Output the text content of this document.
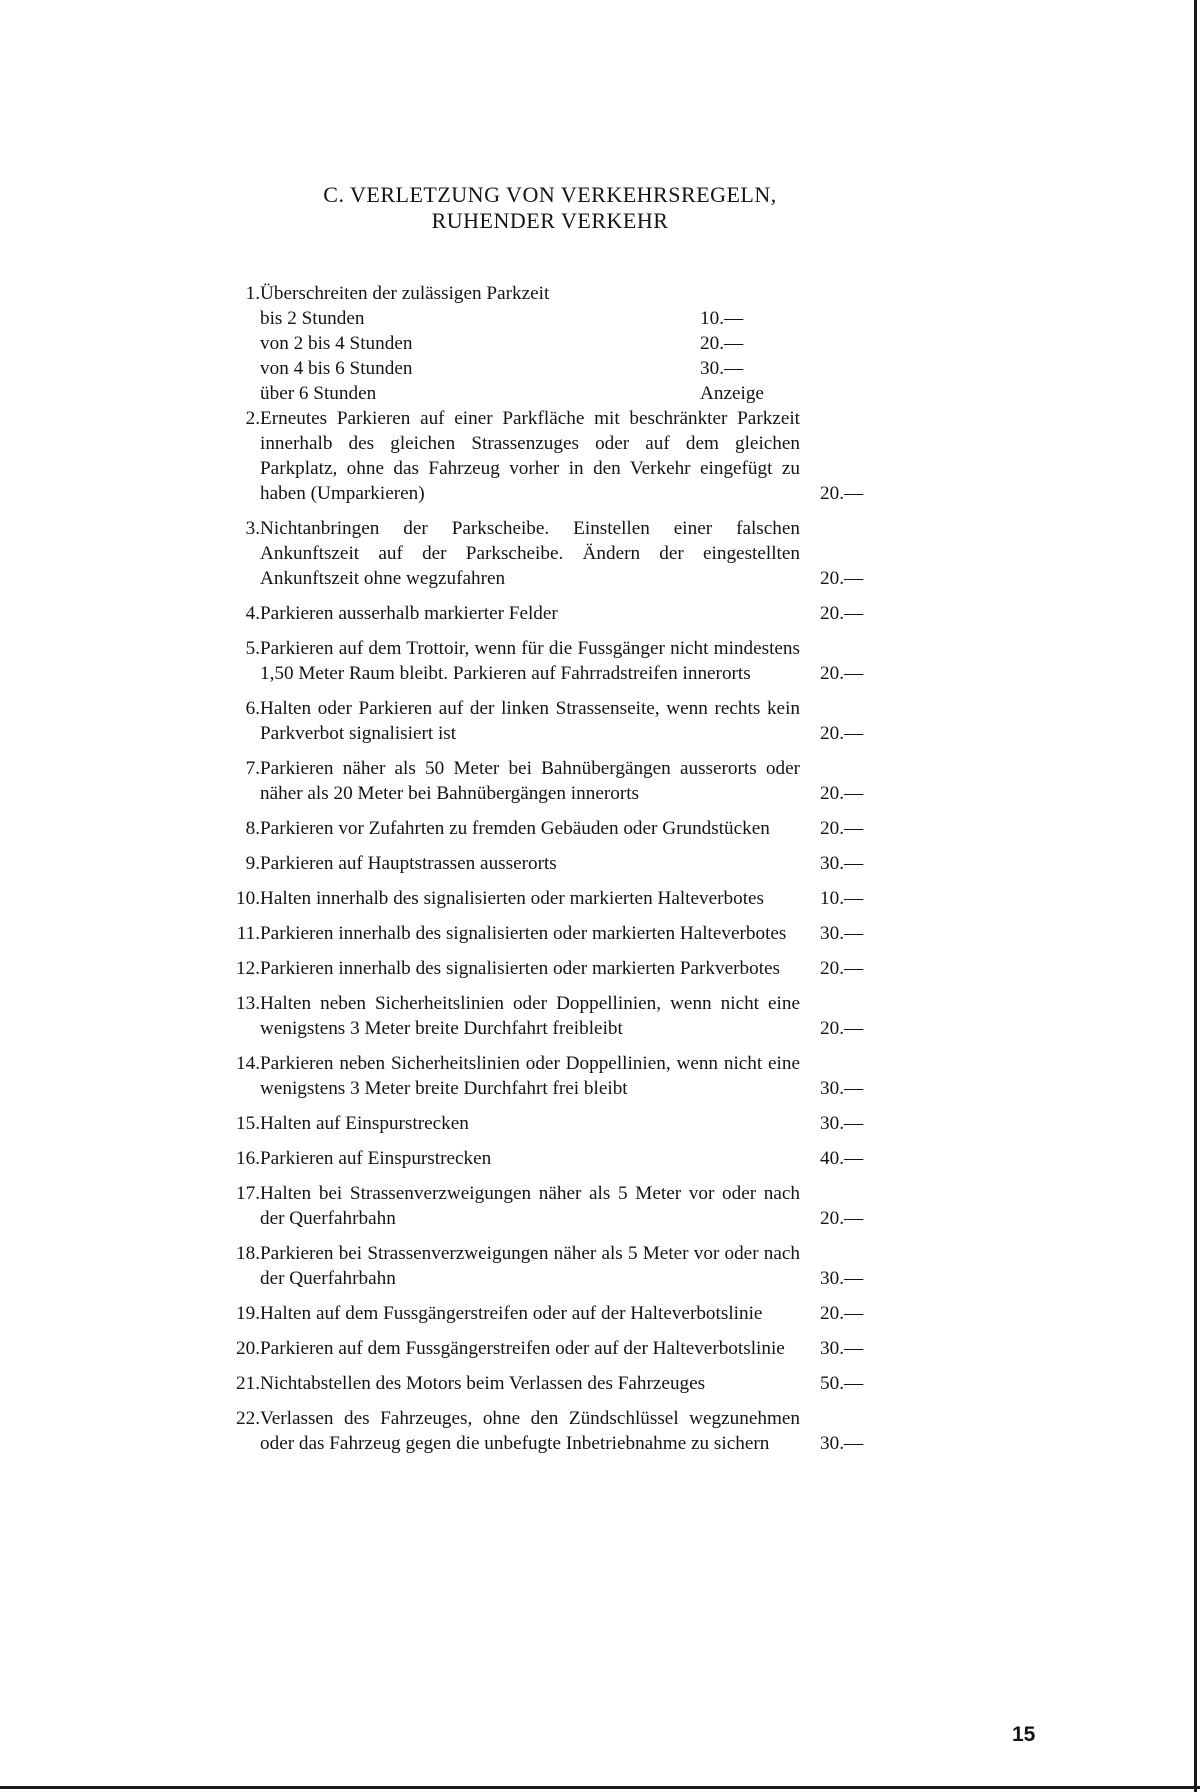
C. VERLETZUNG VON VERKEHRSREGELN,
RUHENDER VERKEHR
1. Überschreiten der zulässigen Parkzeit
bis 2 Stunden	10.—
von 2 bis 4 Stunden	20.—
von 4 bis 6 Stunden	30.—
über 6 Stunden	Anzeige
2. Erneutes Parkieren auf einer Parkfläche mit beschränkter Parkzeit innerhalb des gleichen Strassenzuges oder auf dem gleichen Parkplatz, ohne das Fahrzeug vorher in den Verkehr eingefügt zu haben (Umparkieren)	20.—
3. Nichtanbringen der Parkscheibe. Einstellen einer falschen Ankunftszeit auf der Parkscheibe. Ändern der eingestellten Ankunftszeit ohne wegzufahren	20.—
4. Parkieren ausserhalb markierter Felder	20.—
5. Parkieren auf dem Trottoir, wenn für die Fussgänger nicht mindestens 1,50 Meter Raum bleibt. Parkieren auf Fahrradstreifen innerorts	20.—
6. Halten oder Parkieren auf der linken Strassenseite, wenn rechts kein Parkverbot signalisiert ist	20.—
7. Parkieren näher als 50 Meter bei Bahnübergängen ausserorts oder näher als 20 Meter bei Bahnübergängen innerorts	20.—
8. Parkieren vor Zufahrten zu fremden Gebäuden oder Grundstücken	20.—
9. Parkieren auf Hauptstrassen ausserorts	30.—
10. Halten innerhalb des signalisierten oder markierten Halteverbotes	10.—
11. Parkieren innerhalb des signalisierten oder markierten Halteverbotes	30.—
12. Parkieren innerhalb des signalisierten oder markierten Parkverbotes	20.—
13. Halten neben Sicherheitslinien oder Doppellinien, wenn nicht eine wenigstens 3 Meter breite Durchfahrt freibleibt	20.—
14. Parkieren neben Sicherheitslinien oder Doppellinien, wenn nicht eine wenigstens 3 Meter breite Durchfahrt frei bleibt	30.—
15. Halten auf Einspurstrecken	30.—
16. Parkieren auf Einspurstrecken	40.—
17. Halten bei Strassenverzweigungen näher als 5 Meter vor oder nach der Querfahrbahn	20.—
18. Parkieren bei Strassenverzweigungen näher als 5 Meter vor oder nach der Querfahrbahn	30.—
19. Halten auf dem Fussgängerstreifen oder auf der Halteverbotslinie	20.—
20. Parkieren auf dem Fussgängerstreifen oder auf der Halteverbotslinie	30.—
21. Nichtabstellen des Motors beim Verlassen des Fahrzeuges	50.—
22. Verlassen des Fahrzeuges, ohne den Zündschlüssel wegzunehmen oder das Fahrzeug gegen die unbefugte Inbetriebnahme zu sichern	30.—
15
